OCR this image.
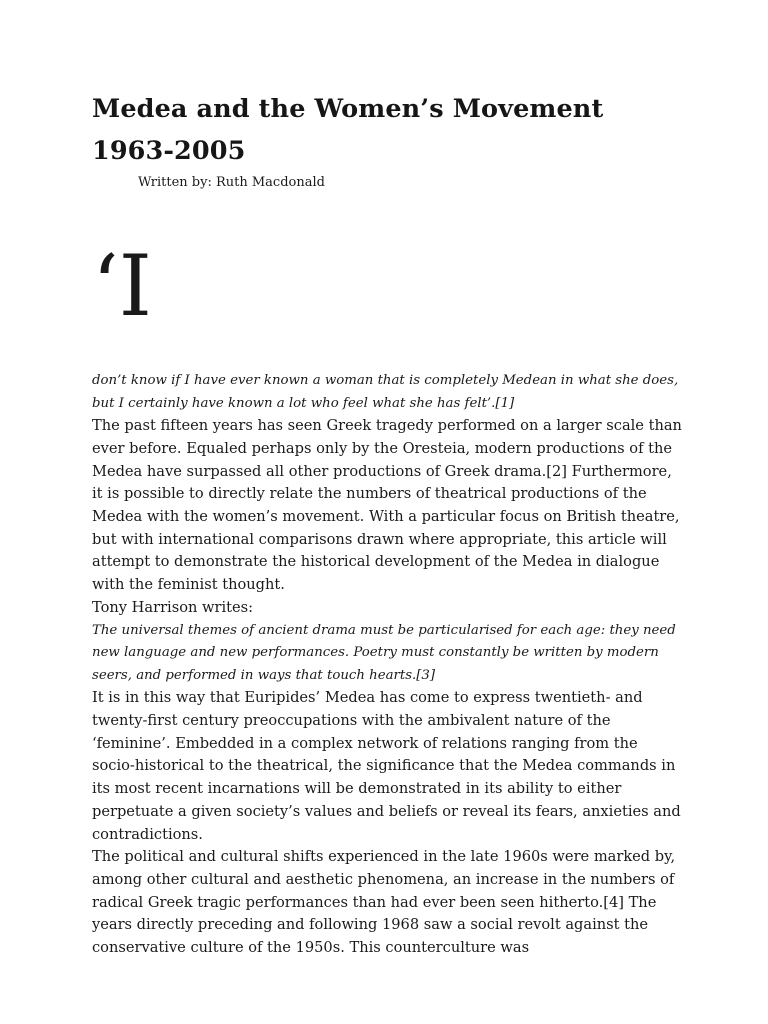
Medea and the Women’s Movement
1963-2005
Written by: Ruth Macdonald
‘I

don’t know if I have ever known a woman that is completely Medean in what she does, but I certainly have known a lot who feel what she has felt’.[1]

The past fifteen years has seen Greek tragedy performed on a larger scale than ever before. Equaled perhaps only by the Oresteia, modern productions of the Medea have surpassed all other productions of Greek drama.[2] Furthermore, it is possible to directly relate the numbers of theatrical productions of the Medea with the women’s movement. With a particular focus on British theatre, but with international comparisons drawn where appropriate, this article will attempt to demonstrate the historical development of the Medea in dialogue with the feminist thought.

Tony Harrison writes:

The universal themes of ancient drama must be particularised for each age: they need new language and new performances. Poetry must constantly be written by modern seers, and performed in ways that touch hearts.[3]

It is in this way that Euripides’ Medea has come to express twentieth- and twenty-first century preoccupations with the ambivalent nature of the ‘feminine’. Embedded in a complex network of relations ranging from the socio-historical to the theatrical, the significance that the Medea commands in its most recent incarnations will be demonstrated in its ability to either perpetuate a given society’s values and beliefs or reveal its fears, anxieties and contradictions.

The political and cultural shifts experienced in the late 1960s were marked by, among other cultural and aesthetic phenomena, an increase in the numbers of radical Greek tragic performances than had ever been seen hitherto.[4] The years directly preceding and following 1968 saw a social revolt against the conservative culture of the 1950s. This counterculture was
